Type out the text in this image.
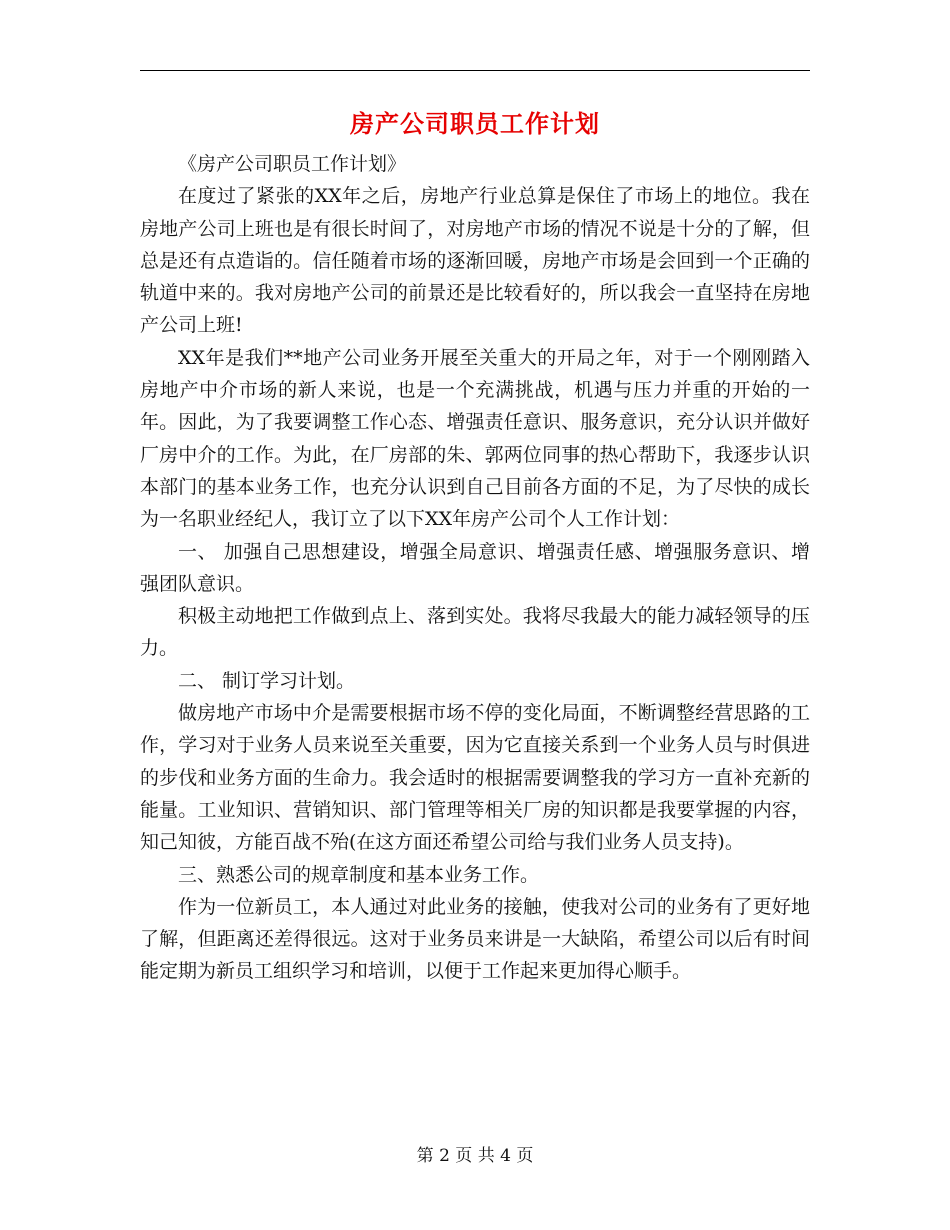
房产公司职员工作计划

《房产公司职员工作计划》

在度过了紧张的XX年之后，房地产行业总算是保住了市场上的地位。我在房地产公司上班也是有很长时间了，对房地产市场的情况不说是十分的了解，但总是还有点造诣的。信任随着市场的逐渐回暖，房地产市场是会回到一个正确的轨道中来的。我对房地产公司的前景还是比较看好的，所以我会一直坚持在房地产公司上班!

XX年是我们**地产公司业务开展至关重大的开局之年，对于一个刚刚踏入房地产中介市场的新人来说，也是一个充满挑战，机遇与压力并重的开始的一年。因此，为了我要调整工作心态、增强责任意识、服务意识，充分认识并做好厂房中介的工作。为此，在厂房部的朱、郭两位同事的热心帮助下，我逐步认识本部门的基本业务工作，也充分认识到自己目前各方面的不足，为了尽快的成长为一名职业经纪人，我订立了以下XX年房产公司个人工作计划：

一、 加强自己思想建设，增强全局意识、增强责任感、增强服务意识、增强团队意识。

积极主动地把工作做到点上、落到实处。我将尽我最大的能力减轻领导的压力。

二、 制订学习计划。

做房地产市场中介是需要根据市场不停的变化局面，不断调整经营思路的工作，学习对于业务人员来说至关重要，因为它直接关系到一个业务人员与时俱进的步伐和业务方面的生命力。我会适时的根据需要调整我的学习方一直补充新的能量。工业知识、营销知识、部门管理等相关厂房的知识都是我要掌握的内容，知己知彼，方能百战不殆(在这方面还希望公司给与我们业务人员支持)。

三、熟悉公司的规章制度和基本业务工作。

作为一位新员工，本人通过对此业务的接触，使我对公司的业务有了更好地了解，但距离还差得很远。这对于业务员来讲是一大缺陷，希望公司以后有时间能定期为新员工组织学习和培训，以便于工作起来更加得心顺手。

第 2 页 共 4 页
